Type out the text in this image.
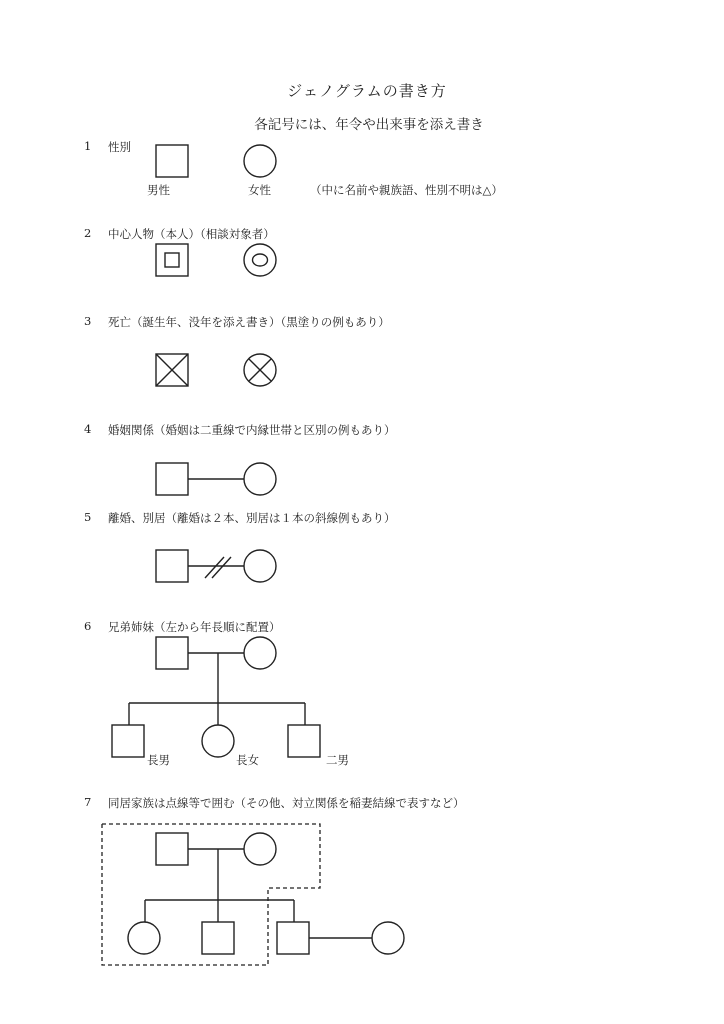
ジェノグラムの書き方
各記号には、年令や出来事を添え書き
1 性別
男性	女性	（中に名前や親族語、性別不明は△）
2 中心人物（本人）（相談対象者）
3 死亡（誕生年、没年を添え書き）（黒塗りの例もあり）
4 婚姻関係（婚姻は二重線で内縁世帯と区別の例もあり）
5 離婚、別居（離婚は２本、別居は１本の斜線例もあり）
6 兄弟姉妹（左から年長順に配置）
長男	長女	二男
7 同居家族は点線等で囲む（その他、対立関係を稲妻結線で表すなど）
